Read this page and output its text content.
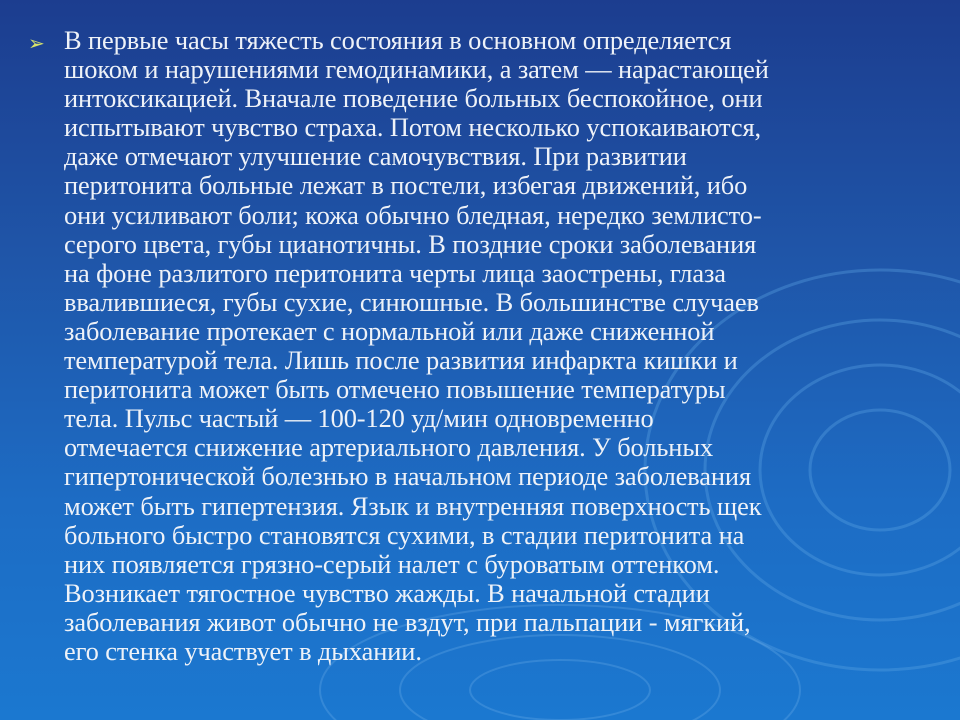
➢ В первые часы тяжесть состояния в основном определяется
шоком и нарушениями гемодинамики, а затем — нарастающей
интоксикацией. Вначале поведение больных беспокойное, они
испытывают чувство страха. Потом несколько успокаиваются,
даже отмечают улучшение самочувствия. При развитии
перитонита больные лежат в постели, избегая движений, ибо
они усиливают боли; кожа обычно бледная, нередко землисто-
серого цвета, губы цианотичны. В поздние сроки заболевания
на фоне разлитого перитонита черты лица заострены, глаза
ввалившиеся, губы сухие, синюшные. В большинстве случаев
заболевание протекает с нормальной или даже сниженной
температурой тела. Лишь после развития инфаркта кишки и
перитонита может быть отмечено повышение температуры
тела. Пульс частый — 100-120 уд/мин одновременно
отмечается снижение артериального давления. У больных
гипертонической болезнью в начальном периоде заболевания
может быть гипертензия. Язык и внутренняя поверхность щек
больного быстро становятся сухими, в стадии перитонита на
них появляется грязно-серый налет с буроватым оттенком.
Возникает тягостное чувство жажды. В начальной стадии
заболевания живот обычно не вздут, при пальпации - мягкий,
его стенка участвует в дыхании.
